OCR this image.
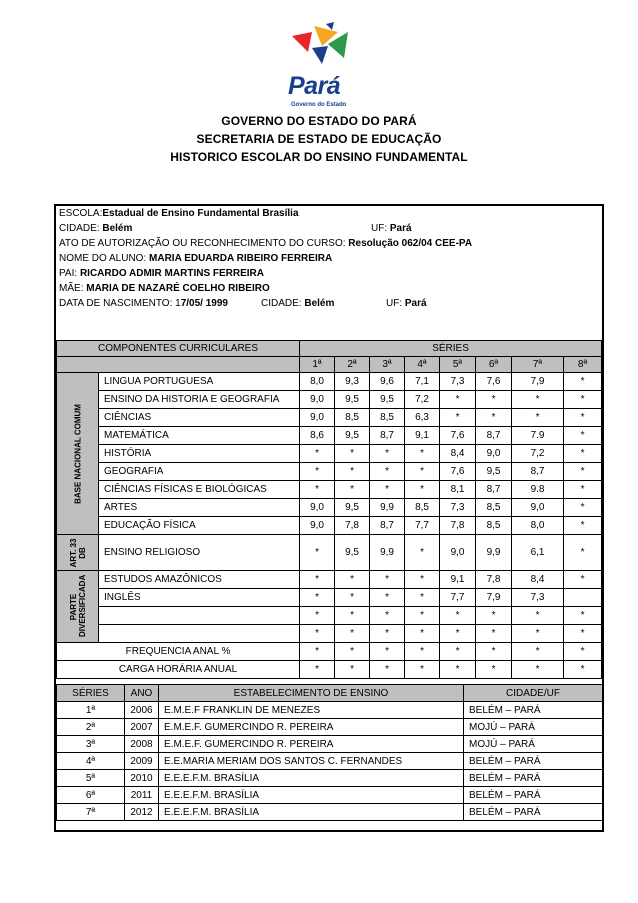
Pará
Governo do Estado
GOVERNO DO ESTADO DO PARÁ
SECRETARIA DE ESTADO DE EDUCAÇÃO
HISTORICO ESCOLAR DO ENSINO FUNDAMENTAL
ESCOLA:Estadual de Ensino Fundamental Brasília
CIDADE: Belém	UF: Pará
ATO DE AUTORIZAÇÃO OU RECONHECIMENTO DO CURSO: Resolução 062/04 CEE-PA
NOME DO ALUNO: MARIA EDUARDA RIBEIRO FERREIRA
PAI: RICARDO ADMIR MARTINS FERREIRA
MÃE: MARIA DE NAZARÉ COELHO RIBEIRO
DATA DE NASCIMENTO: 17/05/ 1999	CIDADE: Belém	UF: Pará
COMPONENTES CURRICULARES		SÉRIES							
		1ª	2ª	3ª	4ª	5ª	6ª	7ª	8ª

BASE NACIONAL COMUM	LINGUA PORTUGUESA	8,0	9,3	9,6	7,1	7,3	7,6	7,9	*
	ENSINO DA HISTORIA E GEOGRAFIA	9,0	9,5	9,5	7,2	*	*	*	*
	CIÊNCIAS	9,0	8,5	8,5	6,3	*	*	*	*
	MATEMÁTICA	8,6	9,5	8,7	9,1	7,6	8,7	7.9	*
	HISTÓRIA	*	*	*	*	8,4	9,0	7,2	*
	GEOGRAFIA	*	*	*	*	7,6	9,5	8,7	*
	CIÊNCIAS FÍSICAS E BIOLÓGICAS	*	*	*	*	8,1	8,7	9.8	*
	ARTES	9,0	9,5	9,9	8,5	7,3	8,5	9,0	*
	EDUCAÇÃO FÍSICA	9,0	7,8	8,7	7,7	7,8	8,5	8,0	*

ART. 33 DB	ENSINO RELIGIOSO	*	9,5	9,9	*	9,0	9,9	6,1	*

PARTE DIVERSIFICADA	ESTUDOS AMAZÔNICOS	*	*	*	*	9,1	7,8	8,4	*
	INGLÊS	*	*	*	*	7,7	7,9	7,3	
		*	*	*	*	*	*	*	*
		*	*	*	*	*	*	*	*
FREQUENCIA ANAL %		*	*	*	*	*	*	*	*
CARGA HORÁRIA ANUAL		*	*	*	*	*	*	*	*
SÉRIES	ANO	ESTABELECIMENTO DE ENSINO	CIDADE/UF
1ª	2006	E.M.E.F FRANKLIN DE MENEZES	BELÉM – PARÁ
2ª	2007	E.M.E.F. GUMERCINDO R. PEREIRA	MOJÚ – PARÁ
3ª	2008	E.M.E.F. GUMERCINDO R. PEREIRA	MOJÚ – PARÁ
4ª	2009	E.E.MARIA MERIAM DOS SANTOS C. FERNANDES	BELÉM – PARÁ
5ª	2010	E.E.E.F.M. BRASÍLIA	BELÉM – PARÁ
6ª	2011	E.E.E.F.M. BRASÍLIA	BELÉM – PARÁ
7ª	2012	E.E.E.F.M. BRASÍLIA	BELÉM – PARÁ
